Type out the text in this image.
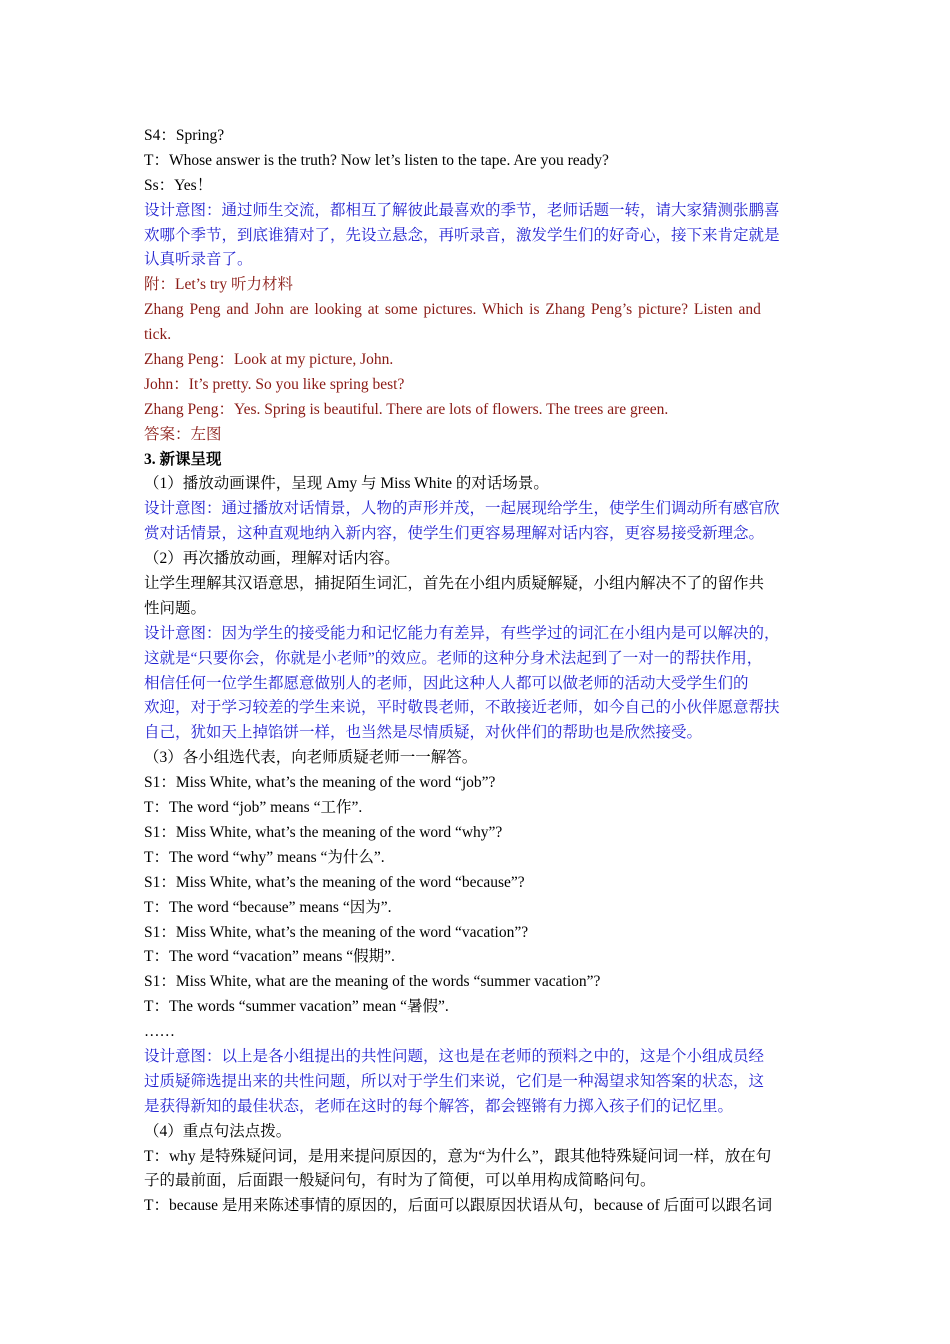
S4：Spring?
T：Whose answer is the truth? Now let’s listen to the tape. Are you ready?
Ss：Yes！
设计意图：通过师生交流，都相互了解彼此最喜欢的季节，老师话题一转，请大家猜测张鹏喜
欢哪个季节，到底谁猜对了，先设立悬念，再听录音，激发学生们的好奇心，接下来肯定就是
认真听录音了。
附：Let’s try 听力材料
Zhang Peng and John are looking at some pictures. Which is Zhang Peng’s picture? Listen and
tick.
Zhang Peng：Look at my picture, John.
John：It’s pretty. So you like spring best?
Zhang Peng：Yes. Spring is beautiful. There are lots of flowers. The trees are green.
答案：左图
3. 新课呈现
（1）播放动画课件，呈现 Amy 与 Miss White 的对话场景。
设计意图：通过播放对话情景，人物的声形并茂，一起展现给学生，使学生们调动所有感官欣
赏对话情景，这种直观地纳入新内容，使学生们更容易理解对话内容，更容易接受新理念。
（2）再次播放动画，理解对话内容。
让学生理解其汉语意思，捕捉陌生词汇，首先在小组内质疑解疑，小组内解决不了的留作共
性问题。
设计意图：因为学生的接受能力和记忆能力有差异，有些学过的词汇在小组内是可以解决的，
这就是“只要你会，你就是小老师”的效应。老师的这种分身术法起到了一对一的帮扶作用，
相信任何一位学生都愿意做别人的老师，因此这种人人都可以做老师的活动大受学生们的
欢迎，对于学习较差的学生来说，平时敬畏老师，不敢接近老师，如今自己的小伙伴愿意帮扶
自己，犹如天上掉馅饼一样，也当然是尽情质疑，对伙伴们的帮助也是欣然接受。
（3）各小组选代表，向老师质疑老师一一解答。
S1：Miss White, what’s the meaning of the word “job”?
T：The word “job” means “工作”.
S1：Miss White, what’s the meaning of the word “why”?
T：The word “why” means “为什么”.
S1：Miss White, what’s the meaning of the word “because”?
T：The word “because” means “因为”.
S1：Miss White, what’s the meaning of the word “vacation”?
T：The word “vacation” means “假期”.
S1：Miss White, what are the meaning of the words “summer vacation”?
T：The words “summer vacation” mean “暑假”.
……
设计意图：以上是各小组提出的共性问题，这也是在老师的预料之中的，这是个小组成员经
过质疑筛选提出来的共性问题，所以对于学生们来说，它们是一种渴望求知答案的状态，这
是获得新知的最佳状态，老师在这时的每个解答，都会铿锵有力掷入孩子们的记忆里。
（4）重点句法点拨。
T：why 是特殊疑问词，是用来提问原因的，意为“为什么”，跟其他特殊疑问词一样，放在句
子的最前面，后面跟一般疑问句，有时为了简便，可以单用构成简略问句。
T：because 是用来陈述事情的原因的，后面可以跟原因状语从句，because of 后面可以跟名词
